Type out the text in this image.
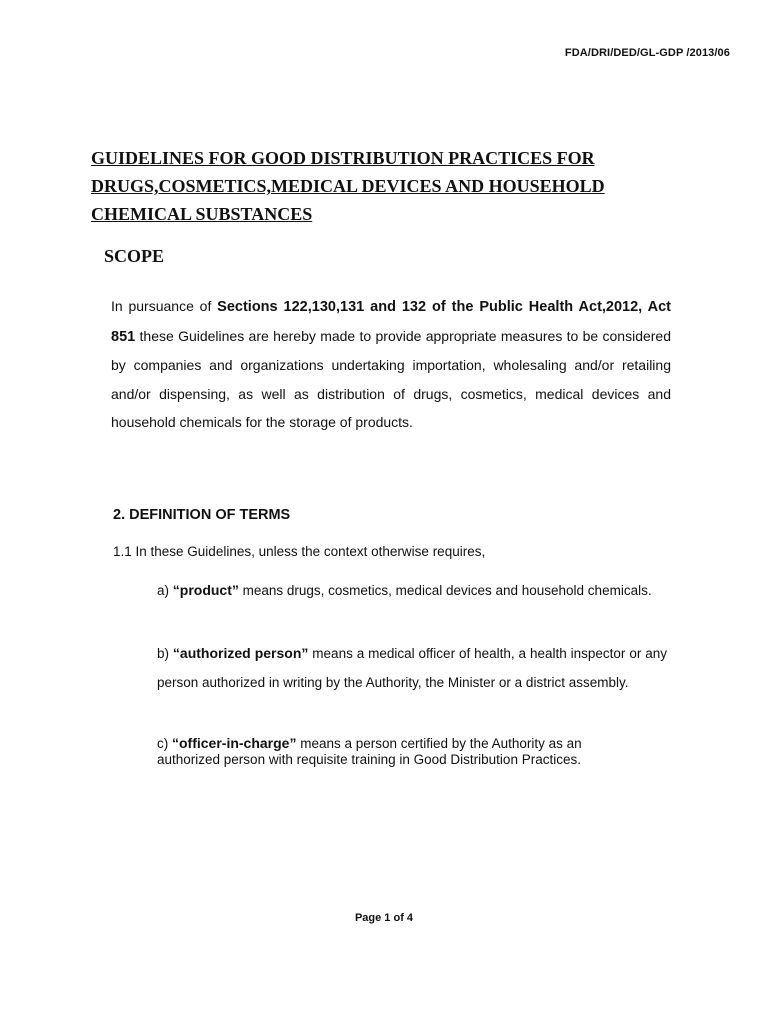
FDA/DRI/DED/GL-GDP /2013/06
GUIDELINES FOR GOOD DISTRIBUTION PRACTICES FOR
DRUGS,COSMETICS,MEDICAL DEVICES AND HOUSEHOLD
CHEMICAL SUBSTANCES
SCOPE

In pursuance of Sections 122,130,131 and 132 of the Public Health Act,2012, Act 851 these Guidelines are hereby made to provide appropriate measures to be considered by companies and organizations undertaking importation, wholesaling and/or retailing and/or dispensing, as well as distribution of drugs, cosmetics, medical devices and household chemicals for the storage of products.

2. DEFINITION OF TERMS

1.1 In these Guidelines, unless the context otherwise requires,

a) “product” means drugs, cosmetics, medical devices and household chemicals.

b) “authorized person” means a medical officer of health, a health inspector or any person authorized in writing by the Authority, the Minister or a district assembly.

c) “officer-in-charge” means a person certified by the Authority as an
authorized person with requisite training in Good Distribution Practices.

Page 1 of 4
